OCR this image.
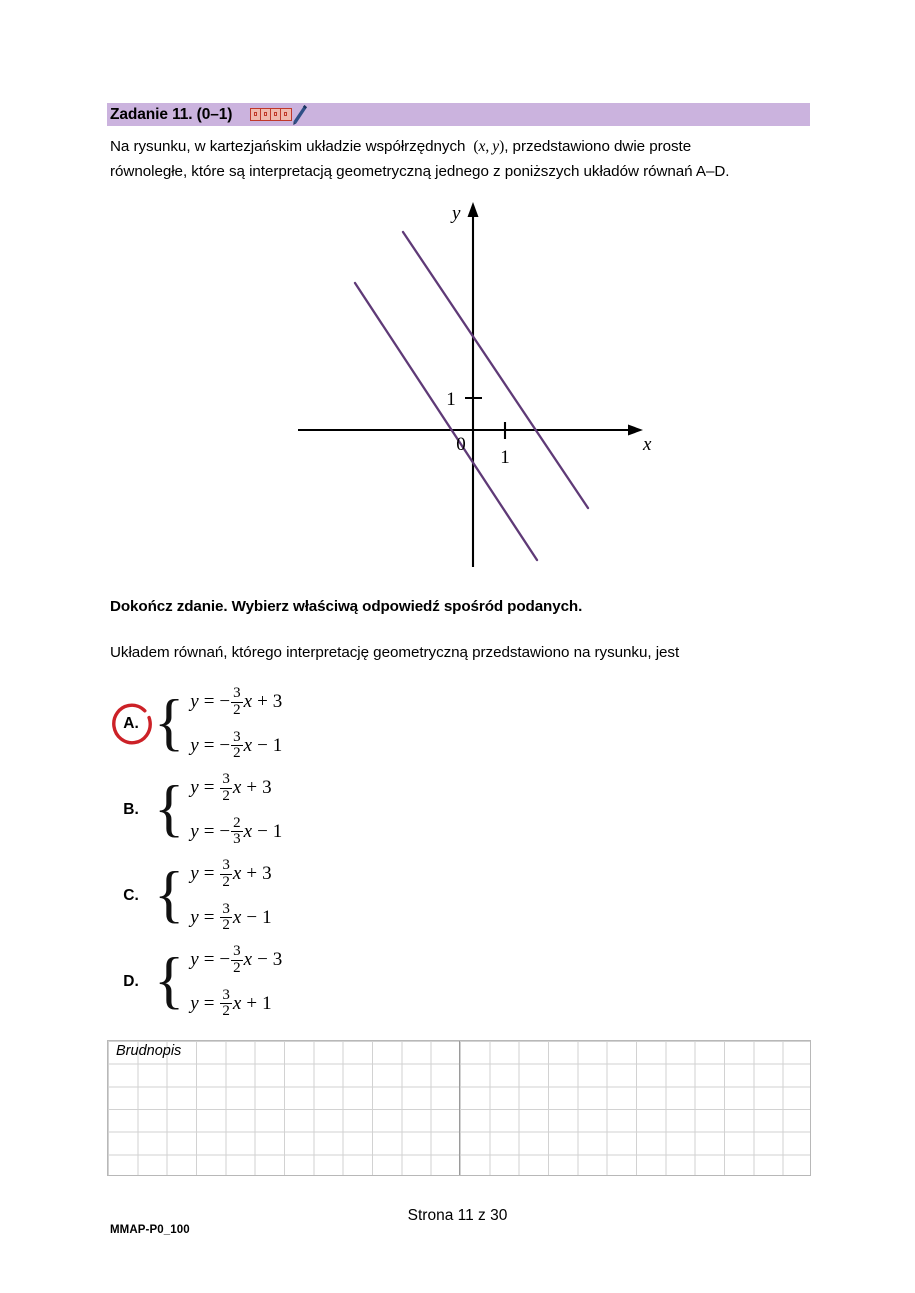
Zadanie 11. (0–1)
Na rysunku, w kartezjańskim układzie współrzędnych  (x, y), przedstawiono dwie proste
równoległe, które są interpretacją geometryczną jednego z poniższych układów równań A–D.
y
x
1
0
1
Dokończ zdanie. Wybierz właściwą odpowiedź spośród podanych.
Układem równań, którego interpretację geometryczną przedstawiono na rysunku, jest
A. { y = − $\frac{3}{2}$ x + 3
y = − $\frac{3}{2}$ x − 1
B. { $y = \frac{3}{2}$ x + 3
y = − $\frac{2}{3}$ x − 1
C. { $y = \frac{3}{2}$ x + 3
$y = \frac{3}{2}$ x − 1
D. { y = − $\frac{3}{2}$ x − 3
$y = \frac{3}{2}$ x + 1
Brudnopis
Strona 11 z 30
MMAP-P0_100
